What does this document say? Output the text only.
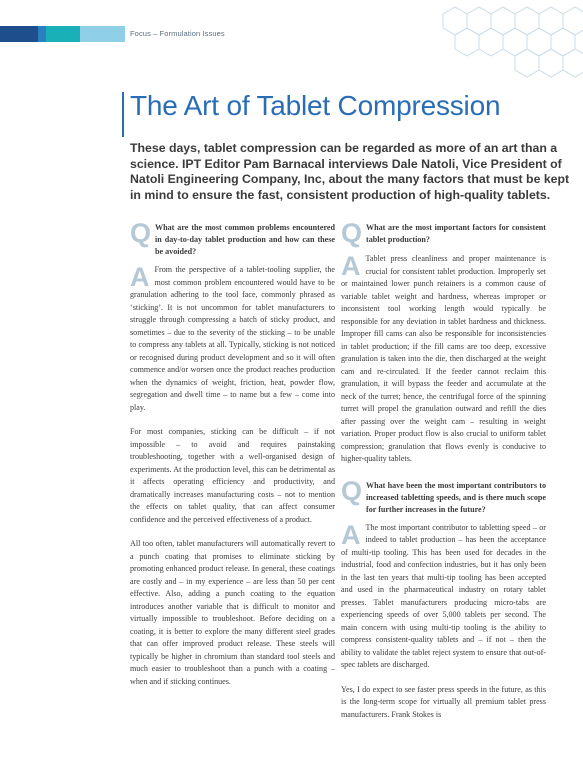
Focus – Formulation Issues
The Art of Tablet Compression
These days, tablet compression can be regarded as more of an art than a science. IPT Editor Pam Barnacal interviews Dale Natoli, Vice President of Natoli Engineering Company, Inc, about the many factors that must be kept in mind to ensure the fast, consistent production of high-quality tablets.
Q What are the most common problems encountered in day-to-day tablet production and how can these be avoided?
A From the perspective of a tablet-tooling supplier, the most common problem encountered would have to be granulation adhering to the tool face, commonly phrased as ‘sticking’. It is not uncommon for tablet manufacturers to struggle through compressing a batch of sticky product, and sometimes – due to the severity of the sticking – to be unable to compress any tablets at all. Typically, sticking is not noticed or recognised during product development and so it will often commence and/or worsen once the product reaches production when the dynamics of weight, friction, heat, powder flow, segregation and dwell time – to name but a few – come into play.

For most companies, sticking can be difficult – if not impossible – to avoid and requires painstaking troubleshooting, together with a well-organised design of experiments. At the production level, this can be detrimental as it affects operating efficiency and productivity, and dramatically increases manufacturing costs – not to mention the effects on tablet quality, that can affect consumer confidence and the perceived effectiveness of a product.

All too often, tablet manufacturers will automatically revert to a punch coating that promises to eliminate sticking by promoting enhanced product release. In general, these coatings are costly and – in my experience – are less than 50 per cent effective. Also, adding a punch coating to the equation introduces another variable that is difficult to monitor and virtually impossible to troubleshoot. Before deciding on a coating, it is better to explore the many different steel grades that can offer improved product release. These steels will typically be higher in chromium than standard tool steels and much easier to troubleshoot than a punch with a coating – when and if sticking continues.

Q What are the most important factors for consistent tablet production?
A Tablet press cleanliness and proper maintenance is crucial for consistent tablet production. Improperly set or maintained lower punch retainers is a common cause of variable tablet weight and hardness, whereas improper or inconsistent tool working length would typically be responsible for any deviation in tablet hardness and thickness. Improper fill cams can also be responsible for inconsistencies in tablet production; if the fill cams are too deep, excessive granulation is taken into the die, then discharged at the weight cam and re-circulated. If the feeder cannot reclaim this granulation, it will bypass the feeder and accumulate at the neck of the turret; hence, the centrifugal force of the spinning turret will propel the granulation outward and refill the dies after passing over the weight cam – resulting in weight variation. Proper product flow is also crucial to uniform tablet compression; granulation that flows evenly is conducive to higher-quality tablets.

Q What have been the most important contributors to increased tabletting speeds, and is there much scope for further increases in the future?
A The most important contributor to tabletting speed – or indeed to tablet production – has been the acceptance of multi-tip tooling. This has been used for decades in the industrial, food and confection industries, but it has only been in the last ten years that multi-tip tooling has been accepted and used in the pharmaceutical industry on rotary tablet presses. Tablet manufacturers producing micro-tabs are experiencing speeds of over 5,000 tablets per second. The main concern with using multi-tip tooling is the ability to compress consistent-quality tablets and – if not – then the ability to validate the tablet reject system to ensure that out-of-spec tablets are discharged.

Yes, I do expect to see faster press speeds in the future, as this is the long-term scope for virtually all premium tablet press manufacturers. Frank Stokes is
